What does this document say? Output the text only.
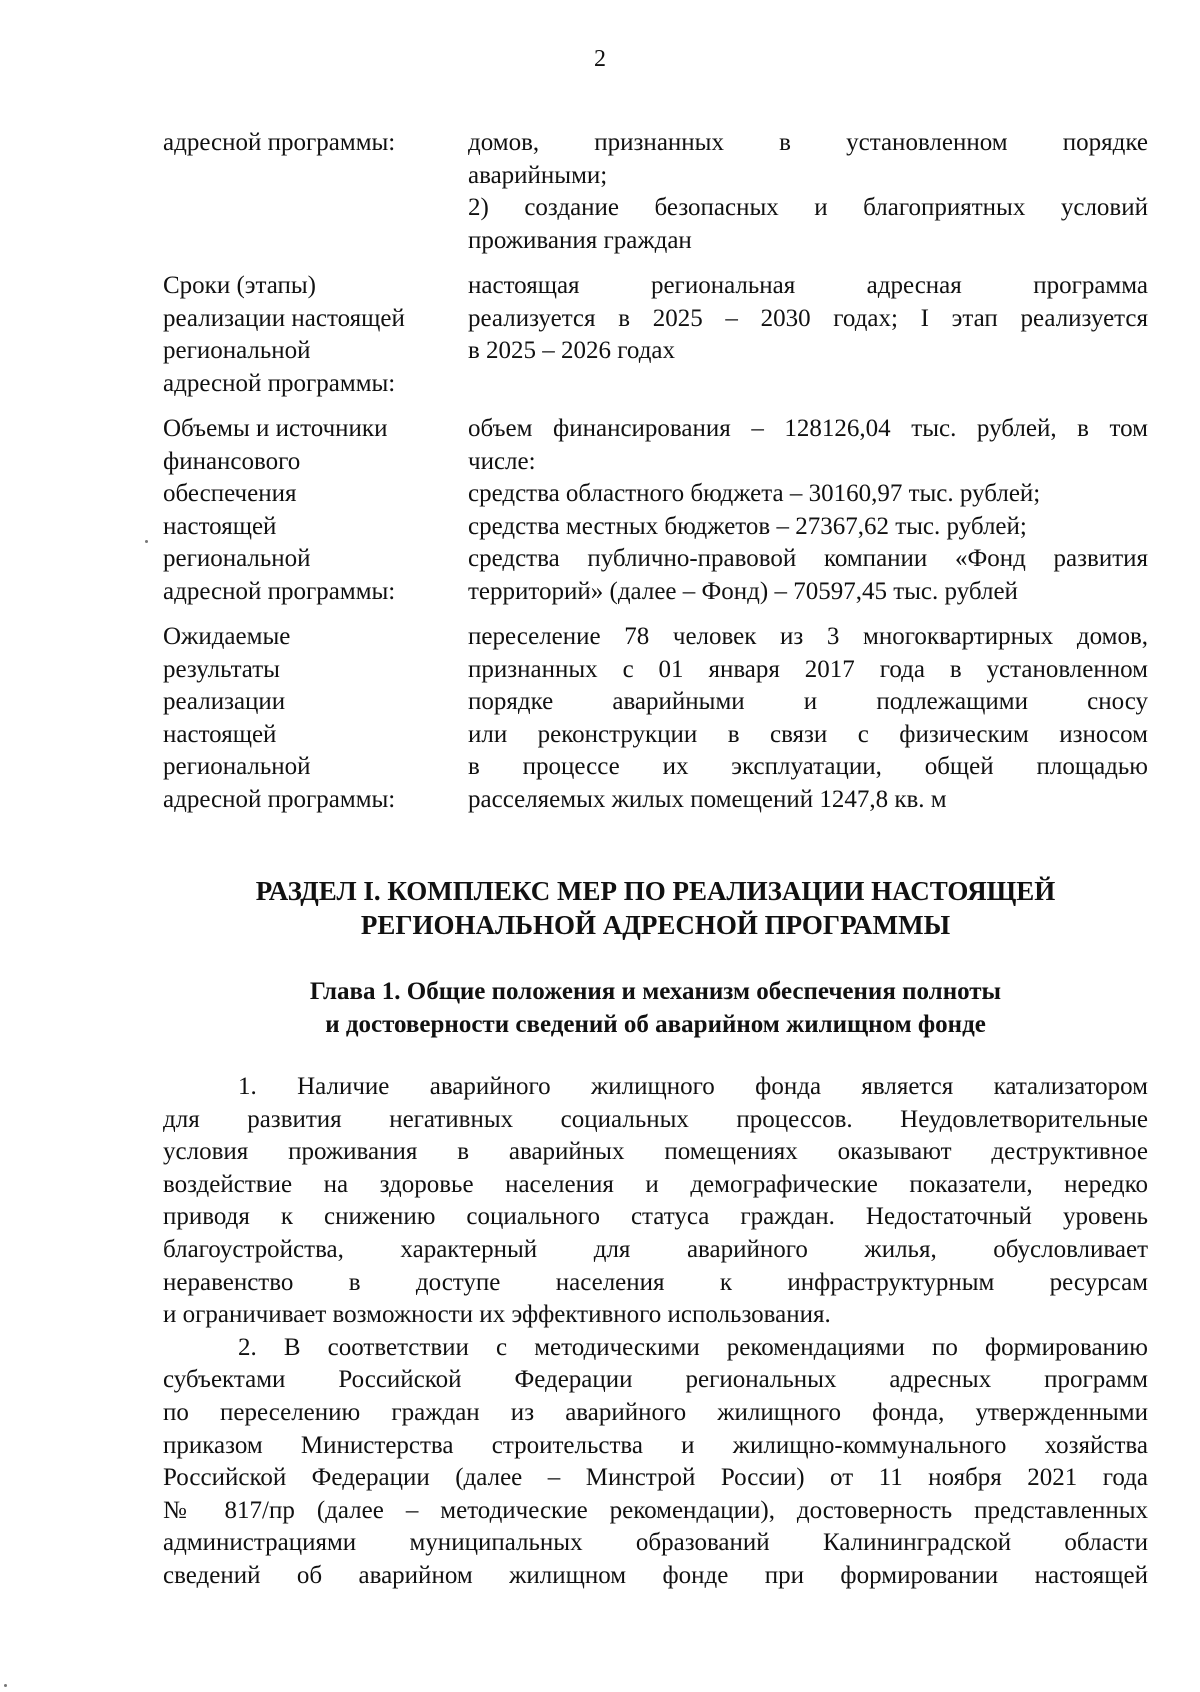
2
адресной программы:	домов, признанных в установленном порядке
аварийными;
2) создание безопасных и благоприятных условий
проживания граждан
Сроки (этапы)
реализации настоящей
региональной
адресной программы:
настоящая региональная адресная программа
реализуется в 2025 – 2030 годах; I этап реализуется
в 2025 – 2026 годах
Объемы и источники
финансового
обеспечения
настоящей
региональной
адресной программы:
объем финансирования – 128126,04 тыс. рублей, в том
числе:
средства областного бюджета – 30160,97 тыс. рублей;
средства местных бюджетов – 27367,62 тыс. рублей;
средства публично-правовой компании «Фонд развития
территорий» (далее – Фонд) – 70597,45 тыс. рублей
Ожидаемые
результаты
реализации
настоящей
региональной
адресной программы:
переселение 78 человек из 3 многоквартирных домов,
признанных с 01 января 2017 года в установленном
порядке аварийными и подлежащими сносу
или реконструкции в связи с физическим износом
в процессе их эксплуатации, общей площадью
расселяемых жилых помещений 1247,8 кв. м
РАЗДЕЛ I. КОМПЛЕКС МЕР ПО РЕАЛИЗАЦИИ НАСТОЯЩЕЙ
РЕГИОНАЛЬНОЙ АДРЕСНОЙ ПРОГРАММЫ
Глава 1. Общие положения и механизм обеспечения полноты
и достоверности сведений об аварийном жилищном фонде
1. Наличие аварийного жилищного фонда является катализатором
для развития негативных социальных процессов. Неудовлетворительные
условия проживания в аварийных помещениях оказывают деструктивное
воздействие на здоровье населения и демографические показатели, нередко
приводя к снижению социального статуса граждан. Недостаточный уровень
благоустройства, характерный для аварийного жилья, обусловливает
неравенство в доступе населения к инфраструктурным ресурсам
и ограничивает возможности их эффективного использования.
2. В соответствии с методическими рекомендациями по формированию
субъектами Российской Федерации региональных адресных программ
по переселению граждан из аварийного жилищного фонда, утвержденными
приказом Министерства строительства и жилищно-коммунального хозяйства
Российской Федерации (далее – Минстрой России) от 11 ноября 2021 года
№ 817/пр (далее – методические рекомендации), достоверность представленных
администрациями муниципальных образований Калининградской области
сведений об аварийном жилищном фонде при формировании настоящей
